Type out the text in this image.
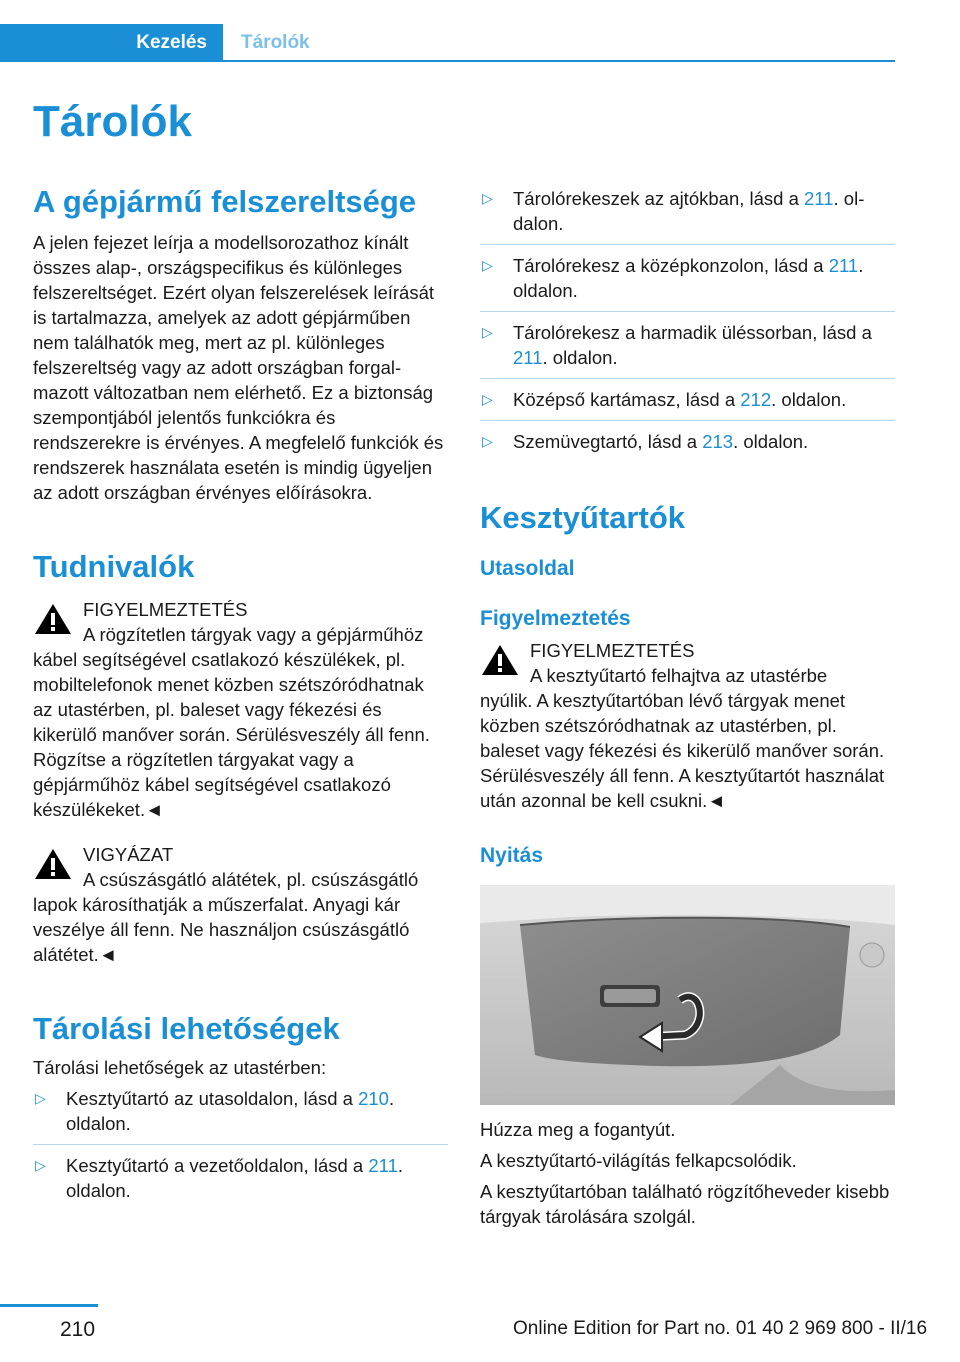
Kezelés Tárolók
Tárolók
A gépjármű felszereltsége

A jelen fejezet leírja a modellsorozathoz kínált összes alap-, országspecifikus és különleges felszereltséget. Ezért olyan felszerelések leírását is tartalmazza, amelyek az adott gépjárműben nem találhatók meg, mert az pl. különleges felszereltség vagy az adott országban forgalmazott változatban nem elérhető. Ez a biztonság szempontjából jelentős funkciókra és rendszerekre is érvényes. A megfelelő funkciók és rendszerek használata esetén is mindig ügyeljen az adott országban érvényes előírásokra.

Tudnivalók
FIGYELMEZTETÉS
A rögzítetlen tárgyak vagy a gépjárműhöz
kábel segítségével csatlakozó készülékek, pl. mobiltelefonok menet közben szétszóródhatnak az utastérben, pl. baleset vagy fékezési és kikerülő manőver során. Sérülésveszély áll fenn. Rögzítse a rögzítetlen tárgyakat vagy a gépjárműhöz kábel segítségével csatlakozó készülékeket.◄
VIGYÁZAT
A csúszásgátló alátétek, pl. csúszásgátló
lapok károsíthatják a műszerfalat. Anyagi kár veszélye áll fenn. Ne használjon csúszásgátló alátétet.◄
Tárolási lehetőségek

Tárolási lehetőségek az utastérben:

▷ Kesztyűtartó az utasoldalon, lásd a 210. oldalon.
▷ Kesztyűtartó a vezetőoldalon, lásd a 211. oldalon.
▷ Tárolórekeszek az ajtókban, lásd a 211. oldalon.
▷ Tárolórekesz a középkonzolon, lásd a 211. oldalon.
▷ Tárolórekesz a harmadik üléssorban, lásd a 211. oldalon.
▷ Középső kartámasz, lásd a 212. oldalon.
▷ Szemüvegtartó, lásd a 213. oldalon.
Kesztyűtartók
Utasoldal
Figyelmeztetés
FIGYELMEZTETÉS
A kesztyűtartó felhajtva az utastérbe
nyúlik. A kesztyűtartóban lévő tárgyak menet közben szétszóródhatnak az utastérben, pl. baleset vagy fékezési és kikerülő manőver során. Sérülésveszély áll fenn. A kesztyűtartót használat után azonnal be kell csukni.◄
Nyitás

Húzza meg a fogantyút.

A kesztyűtartó-világítás felkapcsolódik.

A kesztyűtartóban található rögzítőheveder kisebb tárgyak tárolására szolgál.

210	Online Edition for Part no. 01 40 2 969 800 - II/16
